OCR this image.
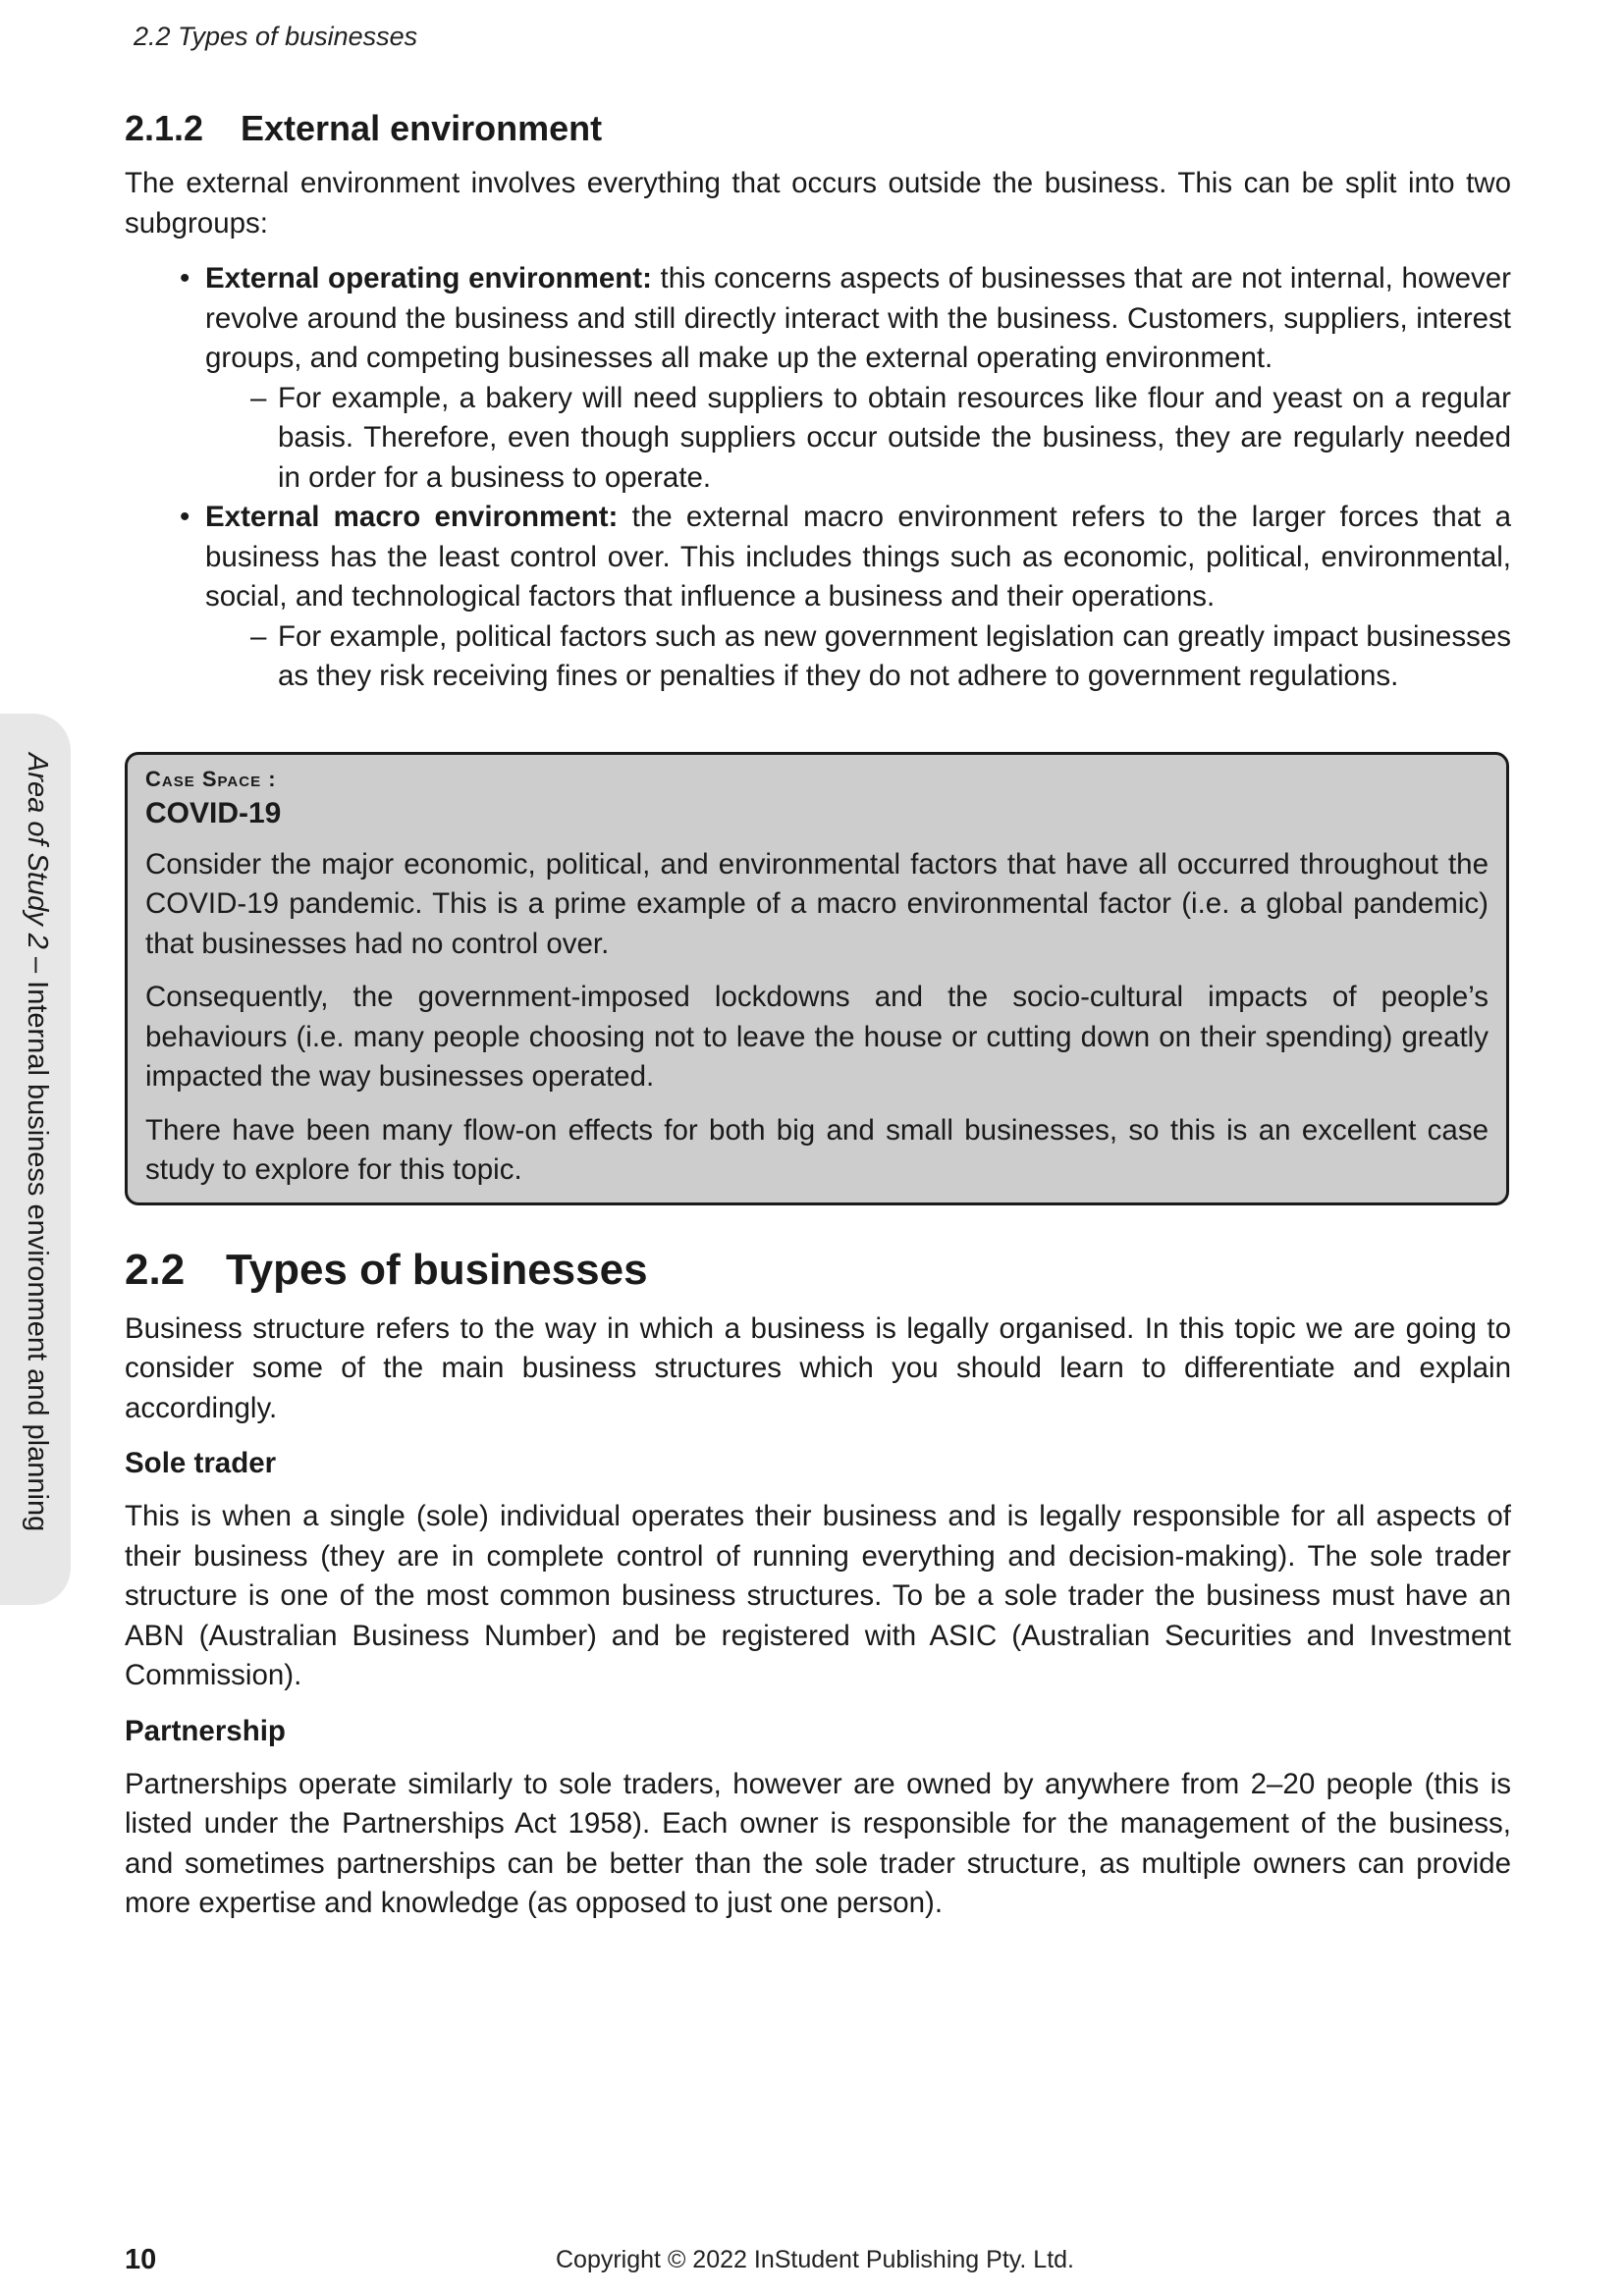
2.2 Types of businesses
Area of Study 2 – Internal business environment and planning
2.1.2	External environment

The external environment involves everything that occurs outside the business. This can be split into two subgroups:

• External operating environment: this concerns aspects of businesses that are not internal, however revolve around the business and still directly interact with the business. Customers, suppliers, interest groups, and competing businesses all make up the external operating environment.
– For example, a bakery will need suppliers to obtain resources like flour and yeast on a regular basis. Therefore, even though suppliers occur outside the business, they are regularly needed in order for a business to operate.
• External macro environment: the external macro environment refers to the larger forces that a business has the least control over. This includes things such as economic, political, environmental, social, and technological factors that influence a business and their operations.
– For example, political factors such as new government legislation can greatly impact businesses as they risk receiving fines or penalties if they do not adhere to government regulations.
Case Space :
COVID-19

Consider the major economic, political, and environmental factors that have all occurred throughout the COVID-19 pandemic. This is a prime example of a macro environmental factor (i.e. a global pandemic) that businesses had no control over.

Consequently, the government-imposed lockdowns and the socio-cultural impacts of people’s behaviours (i.e. many people choosing not to leave the house or cutting down on their spending) greatly impacted the way businesses operated.

There have been many flow-on effects for both big and small businesses, so this is an excellent case study to explore for this topic.

2.2 Types of businesses

Business structure refers to the way in which a business is legally organised. In this topic we are going to consider some of the main business structures which you should learn to differentiate and explain accordingly.

Sole trader

This is when a single (sole) individual operates their business and is legally responsible for all aspects of their business (they are in complete control of running everything and decision-making). The sole trader structure is one of the most common business structures. To be a sole trader the business must have an ABN (Australian Business Number) and be registered with ASIC (Australian Securities and Investment Commission).

Partnership

Partnerships operate similarly to sole traders, however are owned by anywhere from 2–20 people (this is listed under the Partnerships Act 1958). Each owner is responsible for the management of the business, and sometimes partnerships can be better than the sole trader structure, as multiple owners can provide more expertise and knowledge (as opposed to just one person).

10	Copyright © 2022 InStudent Publishing Pty. Ltd.
